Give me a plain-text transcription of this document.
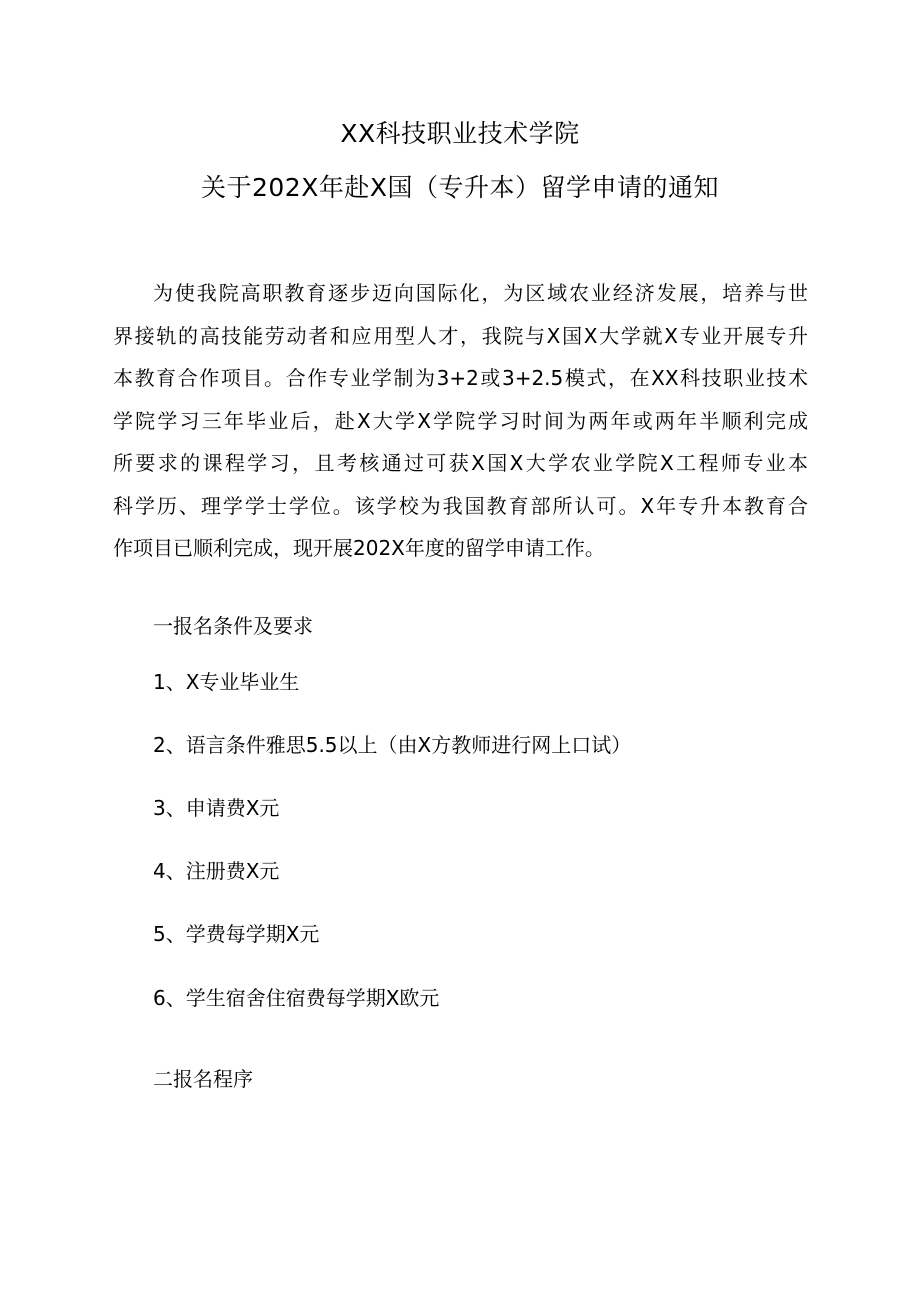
XX科技职业技术学院
关于202X年赴X国（专升本）留学申请的通知
为使我院高职教育逐步迈向国际化，为区域农业经济发展，培养与世
界接轨的高技能劳动者和应用型人才，我院与X国X大学就X专业开展专升
本教育合作项目。合作专业学制为3+2或3+2.5模式，在XX科技职业技术
学院学习三年毕业后，赴X大学X学院学习时间为两年或两年半顺利完成
所要求的课程学习，且考核通过可获X国X大学农业学院X工程师专业本
科学历、理学学士学位。该学校为我国教育部所认可。X年专升本教育合
作项目已顺利完成，现开展202X年度的留学申请工作。
一报名条件及要求
1、X专业毕业生
2、语言条件雅思5.5以上（由X方教师进行网上口试）
3、申请费X元
4、注册费X元
5、学费每学期X元
6、学生宿舍住宿费每学期X欧元
二报名程序
